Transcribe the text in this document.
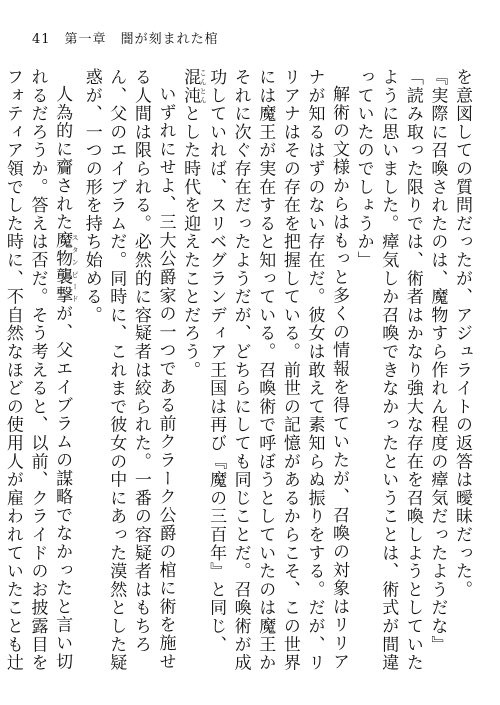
41 第一章 闇が刻まれた棺

を意図しての質問だったが、アジュライトの返答は曖昧だった。

『実際に召喚されたのは、魔物すら作れん程度の瘴気だったようだな』

「読み取った限りでは、術者はかなり強大な存在を召喚しようとしていたように思いました。瘴気しか召喚できなかったということは、術式が間違っていたのでしょうか」

解術の文様からはもっと多くの情報を得ていたが、召喚の対象はリリアナが知るはずのない存在だ。彼女は敢えて素知らぬ振りをする。だが、リリアナはその存在を把握している。前世の記憶があるからこそ、この世界には魔王が実在すると知っている。召喚術で呼ぼうとしていたのは魔王かそれに次ぐ存在だったようだが、どちらにしても同じことだ。召喚術が成功していれば、スリベグランディア王国は再び『魔の三百年』と同じ、混沌 こんとんとした時代を迎えたことだろう。

いずれにせよ、三大公爵家の一つである前クラーク公爵の棺に術を施せる人間は限られる。必然的に容疑者は絞られた。一番の容疑者はもちろん、父のエイブラムだ。同時に、これまで彼女の中にあった漠然とした疑惑が、一つの形を持ち始める。

人為的に齎された魔物襲撃 スタンピードが、父エイブラムの謀略でなかったと言い切れるだろうか。答えは否だ。そう考えると、以前、クライドのお披露目をフォティア領でした時に、不自然なほどの使用人が雇われていたことも辻
